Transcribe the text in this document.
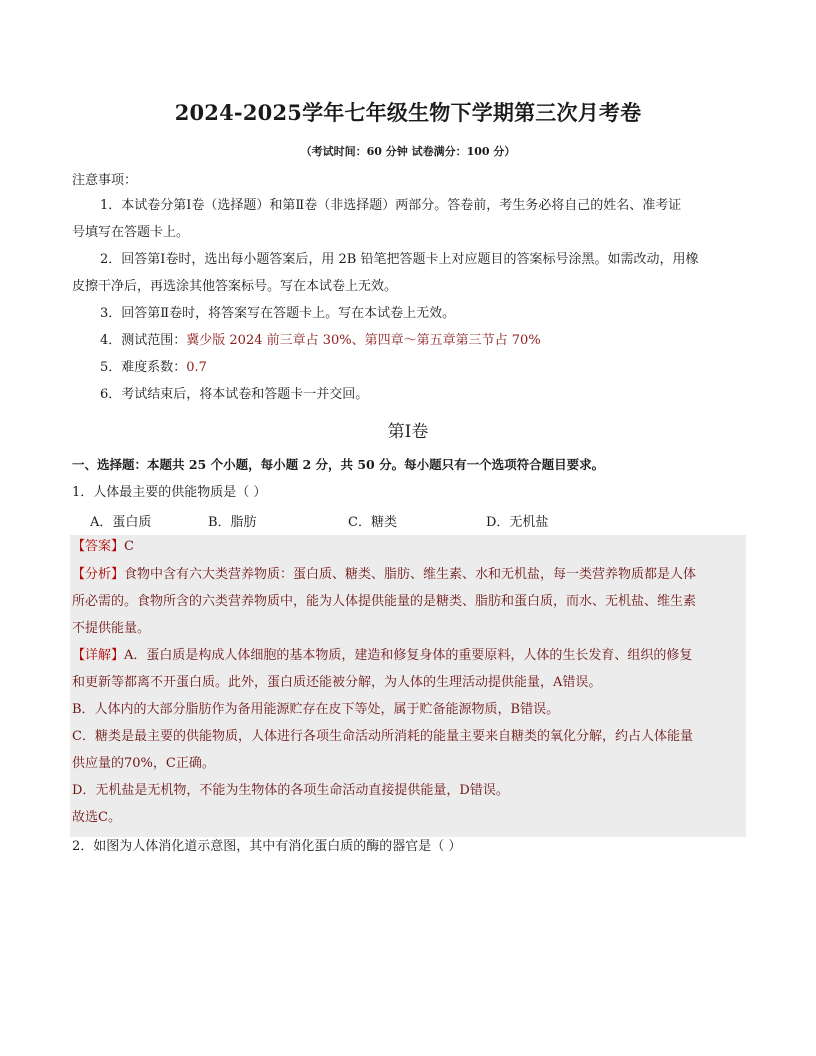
2024-2025学年七年级生物下学期第三次月考卷
（考试时间：60 分钟 试卷满分：100 分）
注意事项：
1．本试卷分第Ⅰ卷（选择题）和第Ⅱ卷（非选择题）两部分。答卷前，考生务必将自己的姓名、准考证
号填写在答题卡上。
2．回答第Ⅰ卷时，选出每小题答案后，用 2B 铅笔把答题卡上对应题目的答案标号涂黑。如需改动，用橡
皮擦干净后，再选涂其他答案标号。写在本试卷上无效。
3．回答第Ⅱ卷时，将答案写在答题卡上。写在本试卷上无效。
4．测试范围：冀少版 2024 前三章占 30%、第四章～第五章第三节占 70%
5．难度系数：0.7
6．考试结束后，将本试卷和答题卡一并交回。
第Ⅰ卷
一、选择题：本题共 25 个小题，每小题 2 分，共 50 分。每小题只有一个选项符合题目要求。
1．人体最主要的供能物质是（ ）
A．蛋白质	B．脂肪	C．糖类	D．无机盐
【答案】C
【分析】食物中含有六大类营养物质：蛋白质、糖类、脂肪、维生素、水和无机盐，每一类营养物质都是人体
所必需的。食物所含的六类营养物质中，能为人体提供能量的是糖类、脂肪和蛋白质，而水、无机盐、维生素
不提供能量。
【详解】A．蛋白质是构成人体细胞的基本物质，建造和修复身体的重要原料，人体的生长发育、组织的修复
和更新等都离不开蛋白质。此外，蛋白质还能被分解，为人体的生理活动提供能量，A错误。
B．人体内的大部分脂肪作为备用能源贮存在皮下等处，属于贮备能源物质，B错误。
C．糖类是最主要的供能物质，人体进行各项生命活动所消耗的能量主要来自糖类的氧化分解，约占人体能量
供应量的70%，C正确。
D．无机盐是无机物，不能为生物体的各项生命活动直接提供能量，D错误。
故选C。
2．如图为人体消化道示意图，其中有消化蛋白质的酶的器官是（ ）
